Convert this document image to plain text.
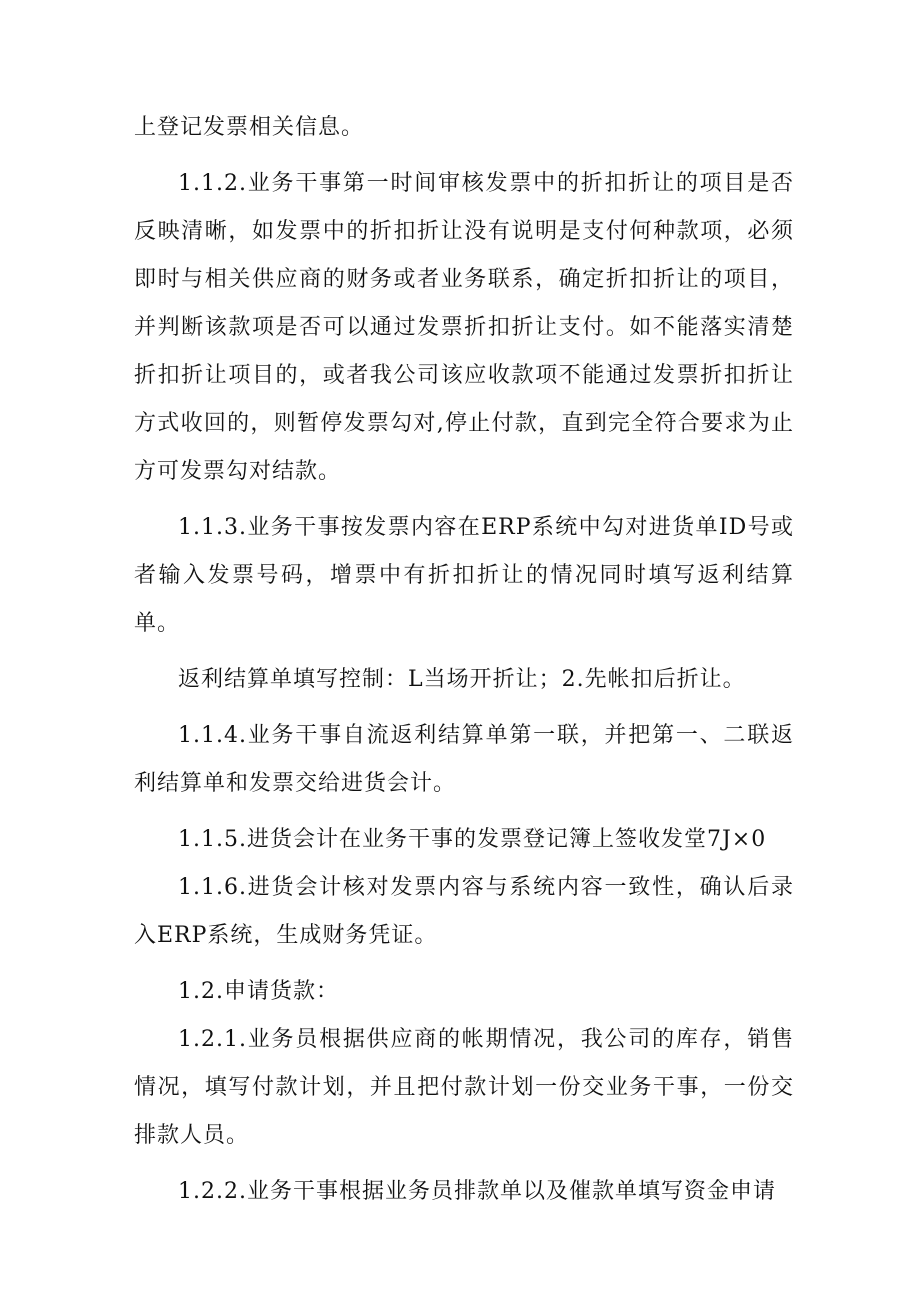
上登记发票相关信息。

1.1.2.业务干事第一时间审核发票中的折扣折让的项目是否反映清晰，如发票中的折扣折让没有说明是支付何种款项，必须即时与相关供应商的财务或者业务联系，确定折扣折让的项目，并判断该款项是否可以通过发票折扣折让支付。如不能落实清楚折扣折让项目的，或者我公司该应收款项不能通过发票折扣折让方式收回的，则暂停发票勾对,停止付款，直到完全符合要求为止方可发票勾对结款。

1.1.3.业务干事按发票内容在ERP系统中勾对进货单ID号或者输入发票号码，增票中有折扣折让的情况同时填写返利结算单。

返利结算单填写控制：L当场开折让；2.先帐扣后折让。

1.1.4.业务干事自流返利结算单第一联，并把第一、二联返利结算单和发票交给进货会计。

1.1.5.进货会计在业务干事的发票登记簿上签收发堂7J×0

1.1.6.进货会计核对发票内容与系统内容一致性，确认后录入ERP系统，生成财务凭证。

1.2.申请货款：

1.2.1.业务员根据供应商的帐期情况，我公司的库存，销售情况，填写付款计划，并且把付款计划一份交业务干事，一份交排款人员。

1.2.2.业务干事根据业务员排款单以及催款单填写资金申请
